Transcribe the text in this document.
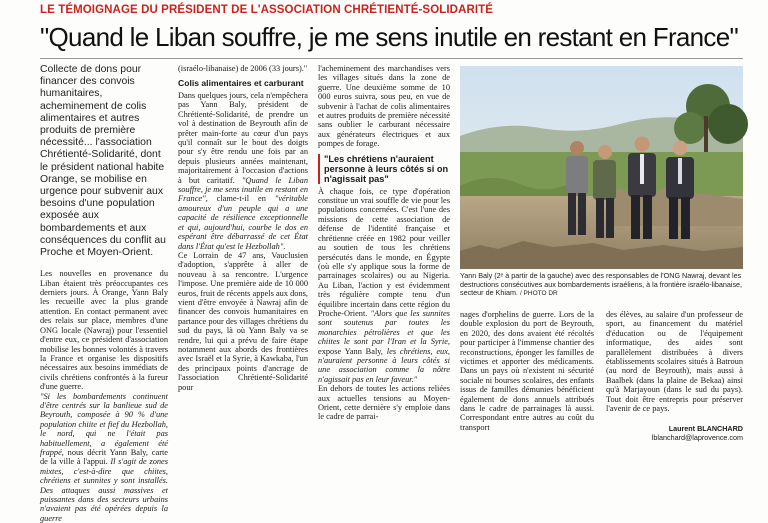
LE TÉMOIGNAGE DU PRÉSIDENT DE L'ASSOCIATION CHRÉTIENTÉ-SOLIDARITÉ
"Quand le Liban souffre, je me sens inutile en restant en France"

Collecte de dons pour financer des convois humanitaires, acheminement de colis alimentaires et autres produits de première nécessité... l'association Chrétienté-Solidarité, dont le président national habite Orange, se mobilise en urgence pour subvenir aux besoins d'une population exposée aux bombardements et aux conséquences du conflit au Proche et Moyen-Orient.

Les nouvelles en provenance du Liban étaient très préoccupantes ces derniers jours. À Orange, Yann Baly les recueille avec la plus grande attention. En contact permanent avec des relais sur place, membres d'une ONG locale (Nawraj) pour l'essentiel d'entre eux, ce président d'association mobilise les bonnes volontés à travers la France et organise les dispositifs nécessaires aux besoins immédiats de civils chrétiens confrontés à la fureur d'une guerre.

"Si les bombardements continuent d'être centrés sur la banlieue sud de Beyrouth, composée à 90 % d'une population chiite et fief du Hezbollah, le nord, qui ne l'était pas habituellement, a également été frappé, nous décrit Yann Baly, carte de la ville à l'appui. Il s'agit de zones mixtes, c'est-à-dire que chiites, chrétiens et sunnites y sont installés. Des attaques aussi massives et puissantes dans des secteurs urbains n'avaient pas été opérées depuis la guerre

(israélo-libanaise) de 2006 (33 jours)."

Colis alimentaires et carburant

Dans quelques jours, cela n'empêchera pas Yann Baly, président de Chrétienté-Solidarité, de prendre un vol à destination de Beyrouth afin de prêter main-forte au cœur d'un pays qu'il connaît sur le bout des doigts pour s'y être rendu une fois par an depuis plusieurs années maintenant, majoritairement à l'occasion d'actions à but caritatif. "Quand le Liban souffre, je me sens inutile en restant en France", clame-t-il en "véritable amoureux d'un peuple qui a une capacité de résilience exceptionnelle et qui, aujourd'hui, courbe le dos en espérant être débarrassé de cet État dans l'État qu'est le Hezbollah".

Ce Lorrain de 47 ans, Vauclusien d'adoption, s'apprête à aller de nouveau à sa rencontre. L'urgence l'impose. Une première aide de 10 000 euros, fruit de récents appels aux dons, vient d'être envoyée à Nawraj afin de financer des convois humanitaires en partance pour des villages chrétiens du sud du pays, là où Yann Baly va se rendre, lui qui a prévu de faire étape notamment aux abords des frontières avec Israël et la Syrie, à Kawkaba, l'un des principaux points d'ancrage de l'association Chrétienté-Solidarité pour

l'acheminement des marchandises vers les villages situés dans la zone de guerre. Une deuxième somme de 10 000 euros suivra, sous peu, en vue de subvenir à l'achat de colis alimentaires et autres produits de première nécessité sans oublier le carburant nécessaire aux générateurs électriques et aux pompes de forage.

"Les chrétiens n'auraient personne à leurs côtés si on n'agissait pas"

À chaque fois, ce type d'opération constitue un vrai souffle de vie pour les populations concernées. C'est l'une des missions de cette association de défense de l'identité française et chrétienne créée en 1982 pour veiller au soutien de tous les chrétiens persécutés dans le monde, en Égypte (où elle s'y applique sous la forme de parrainages scolaires) ou au Nigeria. Au Liban, l'action y est évidemment très régulière compte tenu d'un équilibre incertain dans cette région du Proche-Orient. "Alors que les sunnites sont soutenus par toutes les monarchies pétrolières et que les chiites le sont par l'Iran et la Syrie, expose Yann Baly, les chrétiens, eux, n'auraient personne à leurs côtés si une association comme la nôtre n'agissait pas en leur faveur."

En dehors de toutes les actions reliées aux actuelles tensions au Moyen-Orient, cette dernière s'y emploie dans le cadre de parrai-

Yann Baly (2ᵉ à partir de la gauche) avec des responsables de l'ONG Nawraj, devant les destructions consécutives aux bombardements israéliens, à la frontière israélo-libanaise, secteur de Khiam. / PHOTO DR

nages d'orphelins de guerre. Lors de la double explosion du port de Beyrouth, en 2020, des dons avaient été récoltés pour participer à l'immense chantier des reconstructions, éponger les familles de victimes et apporter des médicaments. Dans un pays où n'existent ni sécurité sociale ni bourses scolaires, des enfants issus de familles démunies bénéficient également de dons annuels attribués dans le cadre de parrainages là aussi. Correspondant entre autres au coût du transport

des élèves, au salaire d'un professeur de sport, au financement du matériel d'éducation ou de l'équipement informatique, des aides sont parallèlement distribuées à divers établissements scolaires situés à Batroun (au nord de Beyrouth), mais aussi à Baalbek (dans la plaine de Bekaa) ainsi qu'à Marjayoun (dans le sud du pays). Tout doit être entrepris pour préserver l'avenir de ce pays.

Laurent BLANCHARD
lblanchard@laprovence.com
